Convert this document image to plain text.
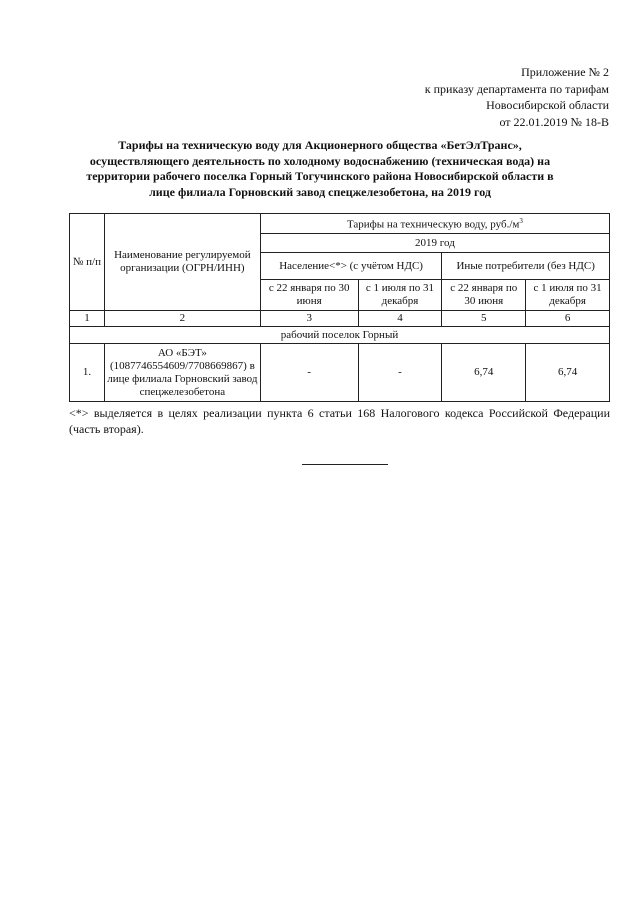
Приложение № 2
к приказу департамента по тарифам
Новосибирской области
от 22.01.2019 № 18-В
Тарифы на техническую воду для Акционерного общества «БетЭлТранс»,
осуществляющего деятельность по холодному водоснабжению (техническая вода) на
территории рабочего поселка Горный Тогучинского района Новосибирской области в
лице филиала Горновский завод спецжелезобетона, на 2019 год
№ п/п	Наименование регулируемой организации (ОГРН/ИНН)	Тарифы на техническую воду, $руб./м^3$
		2019 год			
		Население<*> (с учётом НДС)		Иные потребители (без НДС)	
		с 22 января по 30 июня	с 1 июля по 31 декабря	с 22 января по 30 июня	с 1 июля по 31 декабря
1	2	3	4	5	6
рабочий поселок Горный					
1.	АО «БЭТ» (1087746554609/7708669867) в лице филиала Горновский завод спецжелезобетона	-	-	6,74	6,74
<*> выделяется в целях реализации пункта 6 статьи 168 Налогового кодекса Российской Федерации (часть вторая).
